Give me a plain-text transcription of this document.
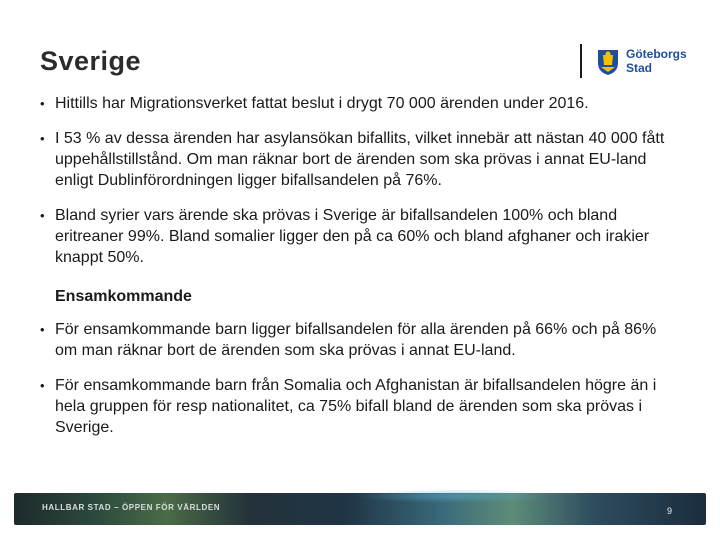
Sverige	Göteborgs
Stad
• Hittills har Migrationsverket fattat beslut i drygt 70 000 ärenden under 2016.
• I 53 % av dessa ärenden har asylansökan bifallits, vilket innebär att nästan 40 000 fått uppehållstillstånd. Om man räknar bort de ärenden som ska prövas i annat EU-land enligt Dublinförordningen ligger bifallsandelen på 76%.
• Bland syrier vars ärende ska prövas i Sverige är bifallsandelen 100% och bland eritreaner 99%. Bland somalier ligger den på ca 60% och bland afghaner och irakier knappt 50%.
Ensamkommande
• För ensamkommande barn ligger bifallsandelen för alla ärenden på 66% och på 86% om man räknar bort de ärenden som ska prövas i annat EU-land.
• För ensamkommande barn från Somalia och Afghanistan är bifallsandelen högre än i hela gruppen för resp nationalitet, ca 75% bifall bland de ärenden som ska prövas i Sverige.
HALLBAR STAD – ÖPPEN FÖR VÄRLDEN	9
